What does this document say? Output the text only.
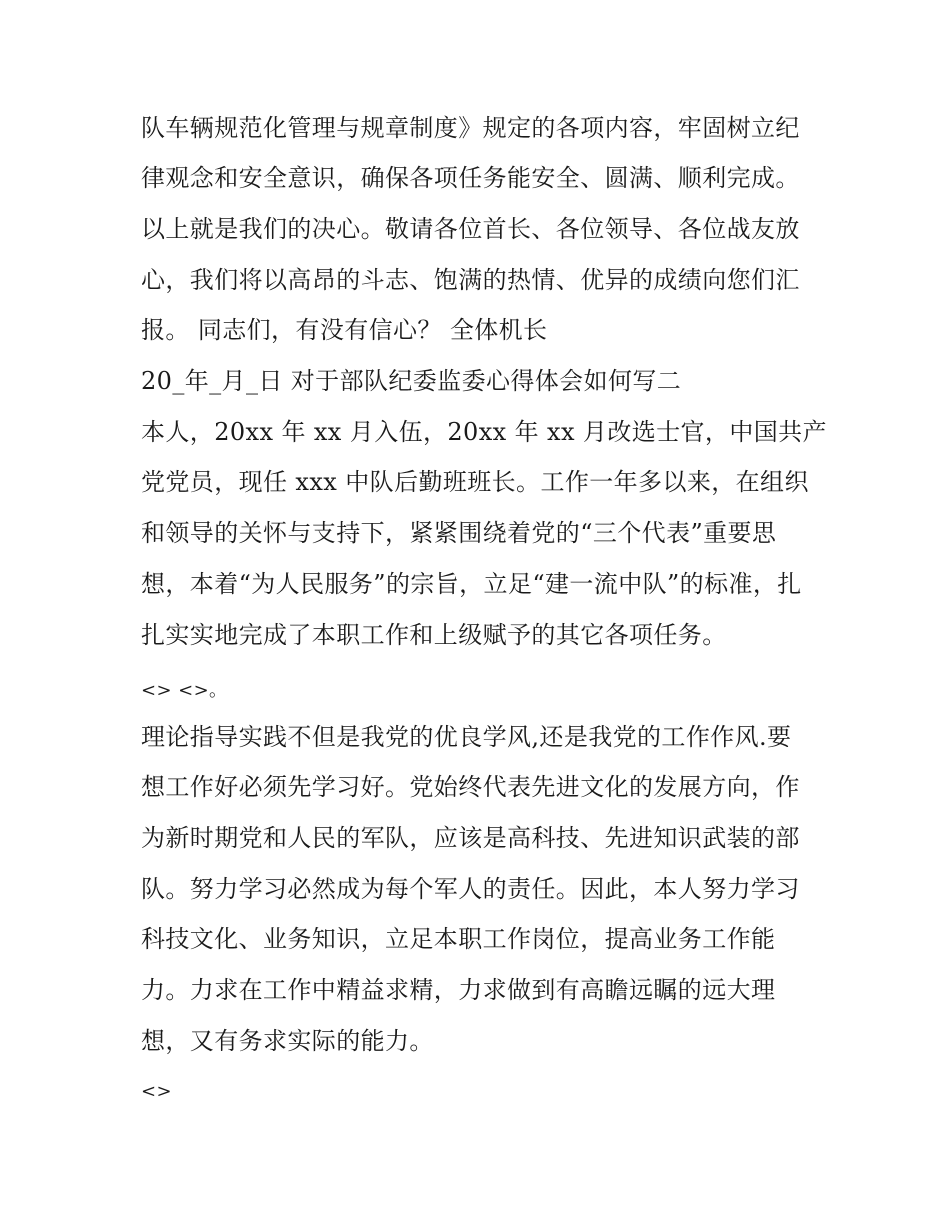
队车辆规范化管理与规章制度》规定的各项内容，牢固树立纪
律观念和安全意识，确保各项任务能安全、圆满、顺利完成。
以上就是我们的决心。敬请各位首长、各位领导、各位战友放
心，我们将以高昂的斗志、饱满的热情、优异的成绩向您们汇
报。 同志们，有没有信心？ 全体机长
20_年_月_日 对于部队纪委监委心得体会如何写二
本人，20xx 年 xx 月入伍，20xx 年 xx 月改选士官，中国共产
党党员，现任 xxx 中队后勤班班长。工作一年多以来，在组织
和领导的关怀与支持下，紧紧围绕着党的“三个代表”重要思
想，本着“为人民服务”的宗旨，立足“建一流中队”的标准，扎
扎实实地完成了本职工作和上级赋予的其它各项任务。
<> <>。
理论指导实践不但是我党的优良学风,还是我党的工作作风.要
想工作好必须先学习好。党始终代表先进文化的发展方向，作
为新时期党和人民的军队，应该是高科技、先进知识武装的部
队。努力学习必然成为每个军人的责任。因此，本人努力学习
科技文化、业务知识，立足本职工作岗位，提高业务工作能
力。力求在工作中精益求精，力求做到有高瞻远瞩的远大理
想，又有务求实际的能力。
<>
